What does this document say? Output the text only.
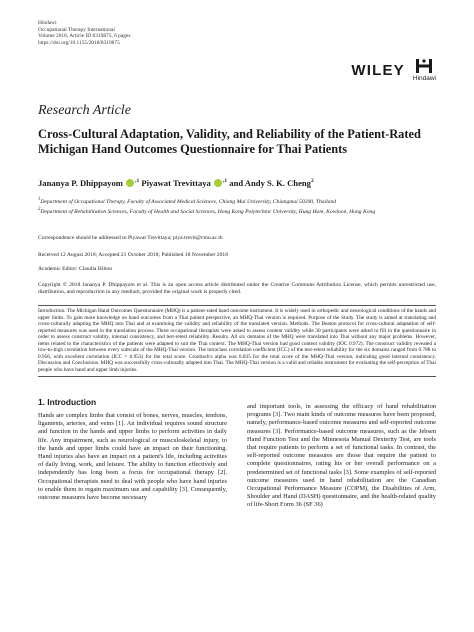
Hindawi
Occupational Therapy International
Volume 2018, Article ID 8319875, 6 pages
https://doi.org/10.1155/2018/8319875
WILEY Hindawi
Research Article
Cross-Cultural Adaptation, Validity, and Reliability of the Patient-Rated Michigan Hand Outcomes Questionnaire for Thai Patients
Jananya P. Dhippayom $^{,1}$ Piyawat Trevittaya $^{,1}$ and Andy S. K. Cheng$^2$
$^1$Department of Occupational Therapy, Faculty of Associated Medical Sciences, Chiang Mai University, Chiangmai 50200, Thailand
$^2$Department of Rehabilitation Sciences, Faculty of Health and Social Sciences, Hong Kong Polytechnic University, Hung Hom, Kowloon, Hong Kong
Correspondence should be addressed to Piyawat Trevittaya; piya.trevit@cmu.ac.th
Received 12 August 2018; Accepted 21 October 2018; Published 18 November 2018
Academic Editor: Claudia Hilton
Copyright © 2018 Jananya P. Dhippayom et al. This is an open access article distributed under the Creative Commons Attribution License, which permits unrestricted use, distribution, and reproduction in any medium, provided the original work is properly cited.
Introduction. The Michigan Hand Outcomes Questionnaire (MHQ) is a patient-rated hand outcome instrument. It is widely used in orthopedic and neurological conditions of the hands and upper limbs. To gain more knowledge on hand outcomes from a Thai patient perspective, an MHQ-Thai version is required. Purpose of the Study. The study is aimed at translating and cross-culturally adapting the MHQ into Thai and at examining the validity and reliability of the translated version. Methods. The Beaton protocol for cross-cultural adaptation of self-reported measures was used in the translation process. Three occupational therapists were asked to assess content validity while 30 participants were asked to fill in the questionnaire in order to assess construct validity, internal consistency, and test-retest reliability. Results. All six domains of the MHQ were translated into Thai without any major problems. However, items related to the characteristics of the patients were adapted to suit the Thai context. The MHQ-Thai version had good content validity (IOC 0.972). The construct validity revealed a low-to-high correlation between every subscale of the MHQ-Thai version. The intraclass correlation coefficient (ICC) of the test-retest reliability for the six domains ranged from 0.788 to 0.956, with excellent correlation (ICC = 0.953) for the total score. Cronbach's alpha was 0.835 for the total score of the MHQ-Thai version, indicating good internal consistency. Discussion and Conclusions. MHQ was successfully cross-culturally adapted into Thai. The MHQ-Thai version is a valid and reliable instrument for evaluating the self-perception of Thai people who have hand and upper limb injuries.
1. Introduction
Hands are complex limbs that consist of bones, nerves, muscles, tendons, ligaments, arteries, and veins [1]. An individual requires sound structure and function in the hands and upper limbs to perform activities in daily life. Any impairment, such as neurological or musculoskeletal injury, to the hands and upper limbs could have an impact on their functioning. Hand injuries also have an impact on a patient's life, including activities of daily living, work, and leisure. The ability to function effectively and independently has long been a focus for occupational therapy [2]. Occupational therapists need to deal with people who have hand injuries to enable them to regain maximum use and capability [3]. Consequently, outcome measures have become necessary
and important tools, in assessing the efficacy of hand rehabilitation programs [3]. Two main kinds of outcome measures have been proposed, namely, performance-based outcome measures and self-reported outcome measures [3]. Performance-based outcome measures, such as the Jebsen Hand Function Test and the Minnesota Manual Dexterity Test, are tools that require patients to perform a set of functional tasks. In contrast, the self-reported outcome measures are those that require the patient to complete questionnaires, rating his or her overall performance on a predetermined set of functional tasks [3]. Some examples of self-reported outcome measures used in hand rehabilitation are the Canadian Occupational Performance Measure (COPM), the Disabilities of Arm, Shoulder and Hand (DASH) questionnaire, and the health-related quality of life-Short Form 36 (SF 36)
